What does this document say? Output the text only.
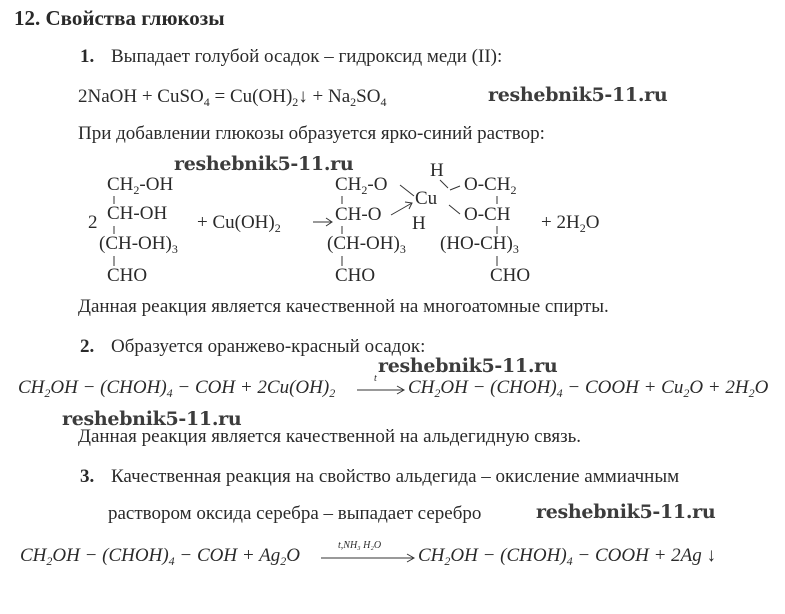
12. Свойства глюкозы
1. Выпадает голубой осадок – гидроксид меди (II):
2NaOH + CuSO$_4$ = $Cu(OH)_2↓ + Na_2SO_4$	reshebnik5-11.ru
При добавлении глюкозы образуется ярко-синий раствор:
reshebnik5-11.ru
$CH_2-OH$
2 CH-OH
$(CH-OH)_3$
CHO
+ $Cu(OH)_2$
$CH_2-O$
CH-O
$(CH-OH)_3$
CHO
H
Cu
H
$O-CH_2$
O-CH
$(HO-CH)_3$
CHO
+ $2H_2O$
Данная реакция является качественной на многоатомные спирты.
2. Образуется оранжево-красный осадок:
reshebnik5-11.ru
$CH_2OH$ − $(CHOH)_4$ − COH + $2Cu(OH)_2$
t $CH_2OH$ − $(CHOH)_4$ − COOH + $Cu_2O + 2H_2O$
reshebnik5-11.ru
Данная реакция является качественной на альдегидную связь.
3. Качественная реакция на свойство альдегида – окисление аммиачным
раствором оксида серебра – выпадает серебро	reshebnik5-11.ru
$CH_2OH$ − $(CHOH)_4$ − COH + $Ag_2O$	t,NH₃ H₂O $CH_2OH$ − $(CHOH)_4$ − COOH + 2Ag ↓
